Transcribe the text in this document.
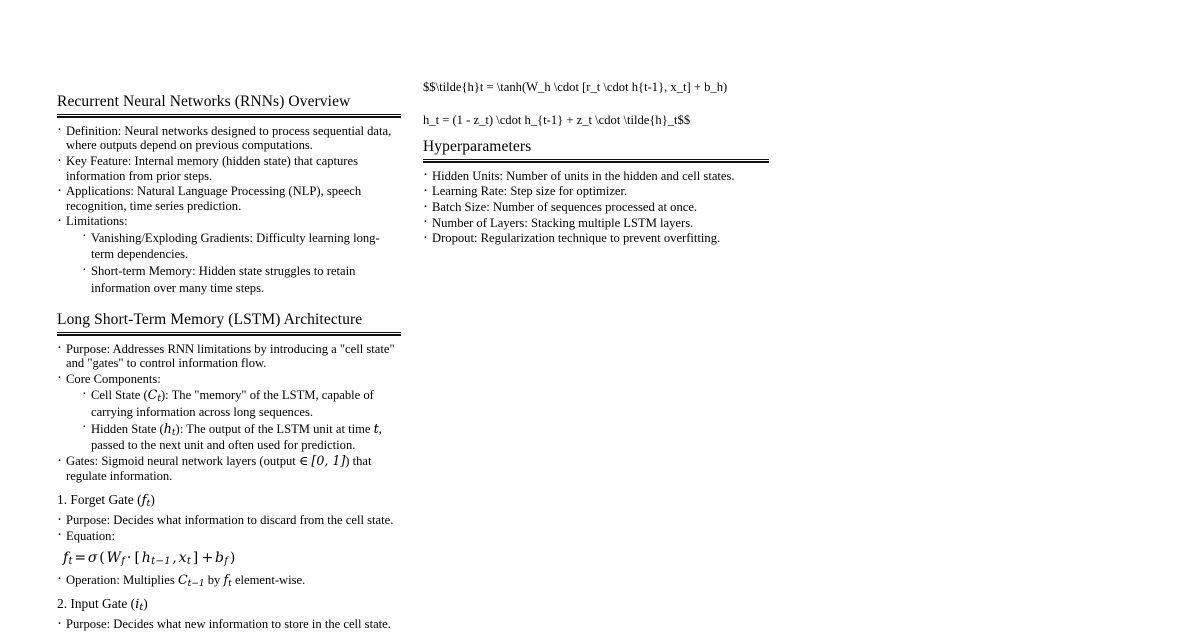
Recurrent Neural Networks (RNNs) Overview
· Definition: Neural networks designed to process sequential data, where outputs depend on previous computations.
· Key Feature: Internal memory (hidden state) that captures information from prior steps.
· Applications: Natural Language Processing (NLP), speech recognition, time series prediction.
· Limitations:
· Vanishing/Exploding Gradients: Difficulty learning long-term dependencies.
· Short-term Memory: Hidden state struggles to retain information over many time steps.
Long Short-Term Memory (LSTM) Architecture
· Purpose: Addresses RNN limitations by introducing a "cell state" and "gates" to control information flow.
· Core Components:
· Cell State $(C_t)$: The "memory" of the LSTM, capable of carrying information across long sequences.
· Hidden State $(h_t)$: The output of the LSTM unit at time t, passed to the next unit and often used for prediction.
· Gates: Sigmoid neural network layers (output ∈ [0, 1]) that regulate information.
1. Forget Gate $(f_t)$
· Purpose: Decides what information to discard from the cell state.
· Equation:
$f_t = \sigma$ ( $W_f$ · [ $h_{t-1}$ , $x_t$ ] + $b_f$ )
· Operation: Multiplies $C_{t-1}$ by $f_t$ element-wise.
2. Input Gate $(i_t)$
· Purpose: Decides what new information to store in the cell state.

$$\tilde{h}t = \tanh(W_h \cdot [r_t \cdot h{t-1}, x_t] + b_h)

h_t = (1 - z_t) \cdot h_{t-1} + z_t \cdot \tilde{h}_t$$

Hyperparameters
· Hidden Units: Number of units in the hidden and cell states.
· Learning Rate: Step size for optimizer.
· Batch Size: Number of sequences processed at once.
· Number of Layers: Stacking multiple LSTM layers.
· Dropout: Regularization technique to prevent overfitting.
